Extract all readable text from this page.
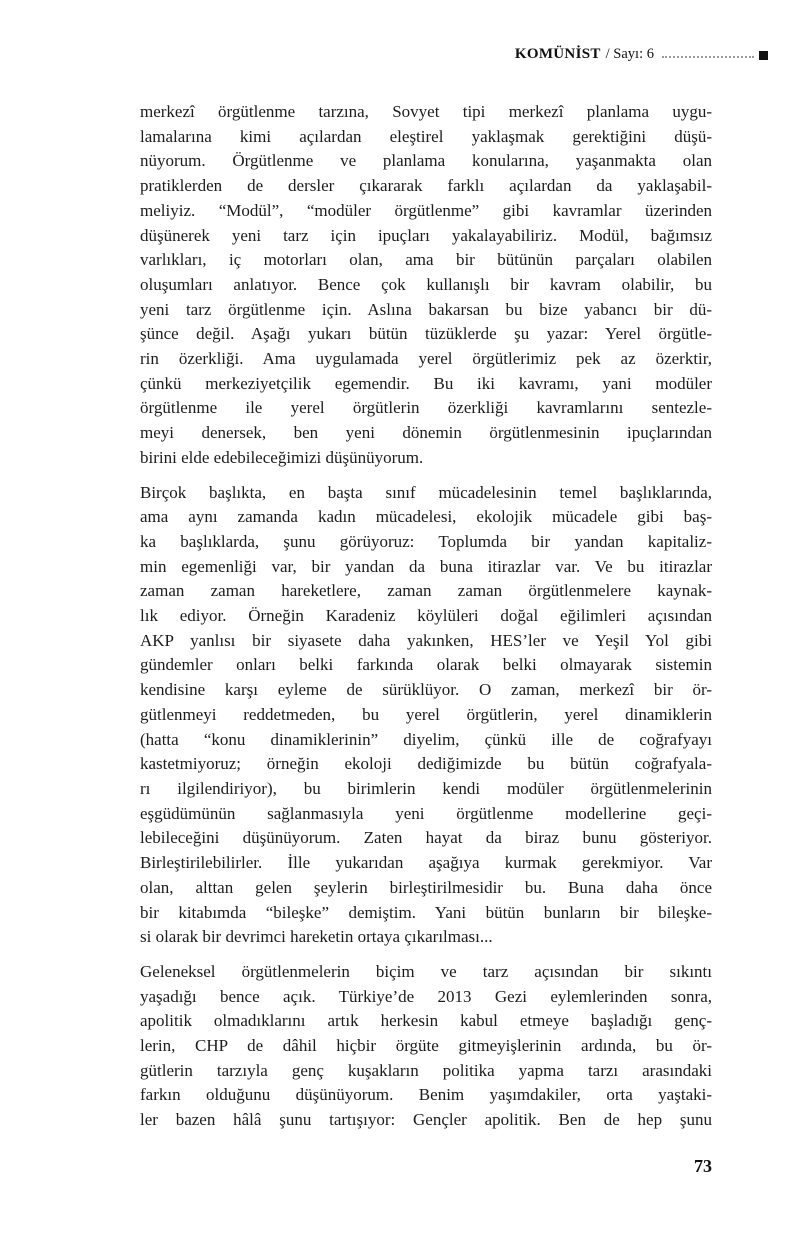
KOMÜNİST / Sayı: 6
merkezî örgütlenme tarzına, Sovyet tipi merkezî planlama uygu-
lamalarına kimi açılardan eleştirel yaklaşmak gerektiğini düşü-
nüyorum. Örgütlenme ve planlama konularına, yaşanmakta olan
pratiklerden de dersler çıkararak farklı açılardan da yaklaşabil-
meliyiz. “Modül”, “modüler örgütlenme” gibi kavramlar üzerinden
düşünerek yeni tarz için ipuçları yakalayabiliriz. Modül, bağımsız
varlıkları, iç motorları olan, ama bir bütünün parçaları olabilen
oluşumları anlatıyor. Bence çok kullanışlı bir kavram olabilir, bu
yeni tarz örgütlenme için. Aslına bakarsan bu bize yabancı bir dü-
şünce değil. Aşağı yukarı bütün tüzüklerde şu yazar: Yerel örgütle-
rin özerkliği. Ama uygulamada yerel örgütlerimiz pek az özerktir,
çünkü merkeziyetçilik egemendir. Bu iki kavramı, yani modüler
örgütlenme ile yerel örgütlerin özerkliği kavramlarını sentezle-
meyi denersek, ben yeni dönemin örgütlenmesinin ipuçlarından
birini elde edebileceğimizi düşünüyorum.
Birçok başlıkta, en başta sınıf mücadelesinin temel başlıklarında,
ama aynı zamanda kadın mücadelesi, ekolojik mücadele gibi baş-
ka başlıklarda, şunu görüyoruz: Toplumda bir yandan kapitaliz-
min egemenliği var, bir yandan da buna itirazlar var. Ve bu itirazlar
zaman zaman hareketlere, zaman zaman örgütlenmelere kaynak-
lık ediyor. Örneğin Karadeniz köylüleri doğal eğilimleri açısından
AKP yanlısı bir siyasete daha yakınken, HES’ler ve Yeşil Yol gibi
gündemler onları belki farkında olarak belki olmayarak sistemin
kendisine karşı eyleme de sürüklüyor. O zaman, merkezî bir ör-
gütlenmeyi reddetmeden, bu yerel örgütlerin, yerel dinamiklerin
(hatta “konu dinamiklerinin” diyelim, çünkü ille de coğrafyayı
kastetmiyoruz; örneğin ekoloji dediğimizde bu bütün coğrafyala-
rı ilgilendiriyor), bu birimlerin kendi modüler örgütlenmelerinin
eşgüdümünün sağlanmasıyla yeni örgütlenme modellerine geçi-
lebileceğini düşünüyorum. Zaten hayat da biraz bunu gösteriyor.
Birleştirilebilirler. İlle yukarıdan aşağıya kurmak gerekmiyor. Var
olan, alttan gelen şeylerin birleştirilmesidir bu. Buna daha önce
bir kitabımda “bileşke” demiştim. Yani bütün bunların bir bileşke-
si olarak bir devrimci hareketin ortaya çıkarılması...
Geleneksel örgütlenmelerin biçim ve tarz açısından bir sıkıntı
yaşadığı bence açık. Türkiye’de 2013 Gezi eylemlerinden sonra,
apolitik olmadıklarını artık herkesin kabul etmeye başladığı genç-
lerin, CHP de dâhil hiçbir örgüte gitmeyişlerinin ardında, bu ör-
gütlerin tarzıyla genç kuşakların politika yapma tarzı arasındaki
farkın olduğunu düşünüyorum. Benim yaşımdakiler, orta yaştaki-
ler bazen hâlâ şunu tartışıyor: Gençler apolitik. Ben de hep şunu
73
